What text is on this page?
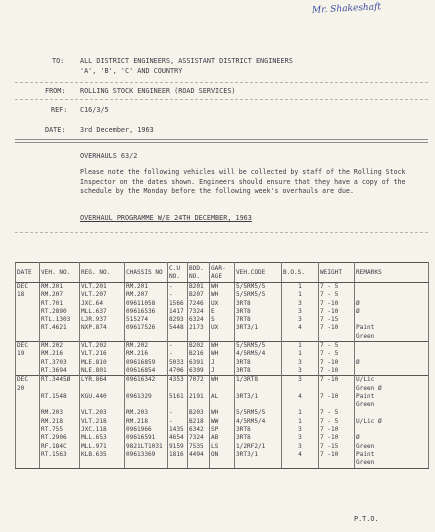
Mr. Shakeshaft
TO: ALL DISTRICT ENGINEERS, ASSISTANT DISTRICT ENGINEERS
'A', 'B', 'C' AND COUNTRY
FROM: ROLLING STOCK ENGINEER (ROAD SERVICES)
REF: C16/3/5
DATE: 3rd December, 1963
OVERHAULS 63/2
Please note the following vehicles will be collected by staff of the Rolling Stock Inspector on the dates shown. Engineers should ensure that they have a copy of the schedule by the Monday before the following week's overhauls are due.
OVERHAUL PROGRAMME W/E 24TH DECEMBER, 1963
DATE	VEH. NO.	REG. NO.	CHASSIS NO	C.U NO.	BOD. NO.	GAR-AGE	VEH.CODE	B.O.S.	WEIGHT	REMARKS
DEC	RM.201	VLT.201	RM.201	-	B201	WH	5/5RM5/5	1	7 - 5	
18	RM.207	VLT.207	RM.207	-	B207	WH	5/5RM5/5	1	7 - 5	
	RT.701	JXC.64	09611058	1566	7246	UX	3RT8	3	7 -10	Ø
	RT.2890	MLL.637	09616536	1417	7324	E	3RT8	3	7 -10	Ø
	RTL.1303	LJR.937	515274	8293	6324	S	7RT8	3	7 -15	
	RT.4621	NXP.874	09617526	5448	2173	UX	3RT3/1	4	7 -10	Paint
										Green
DEC	RM.202	VLT.202	RM.202	-	B202	WH	5/5RM5/5	1	7 - 5	
19	RM.216	VLT.216	RM.216	-	B216	WH	4/5RM5/4	1	7 - 5	
	RT.3703	MLE.810	09616859	5033	6391	J	3RT8	3	7 -10	Ø
	RT.3694	NLE.801	09616854	4706	6399	J	3RT8	3	7 -10	
DEC	RT.3445Ø	LYR.864	09616342	4353	7072	WH	1/3RT8	3	7 -10	U/Lic
20										Green Ø
	RT.1548	KGU.440	0961329	5161	2191	AL	3RT3/1	4	7 -10	Paint
										Green
	RM.203	VLT.203	RM.203	-	B203	WH	5/5RM5/5	1	7 - 5	
	RM.218	VLT.218	RM.218	-	B218	WW	4/5RM5/4	1	7 - 5	U/Lic Ø
	RT.755	JXC.118	0961966	1435	6342	SP	3RT8	3	7 -10	
	RT.2906	MLL.653	09616591	4654	7324	AB	3RT8	3	7 -10	Ø
	RF.184C	MLL.971	9821LT1031	9159	7535	LS	1/2RF2/1	3	7 -15	Green
	RT.1563	KLB.635	09613369	1816	4494	ON	3RT3/1	4	7 -10	Paint
										Green
P.T.O.
